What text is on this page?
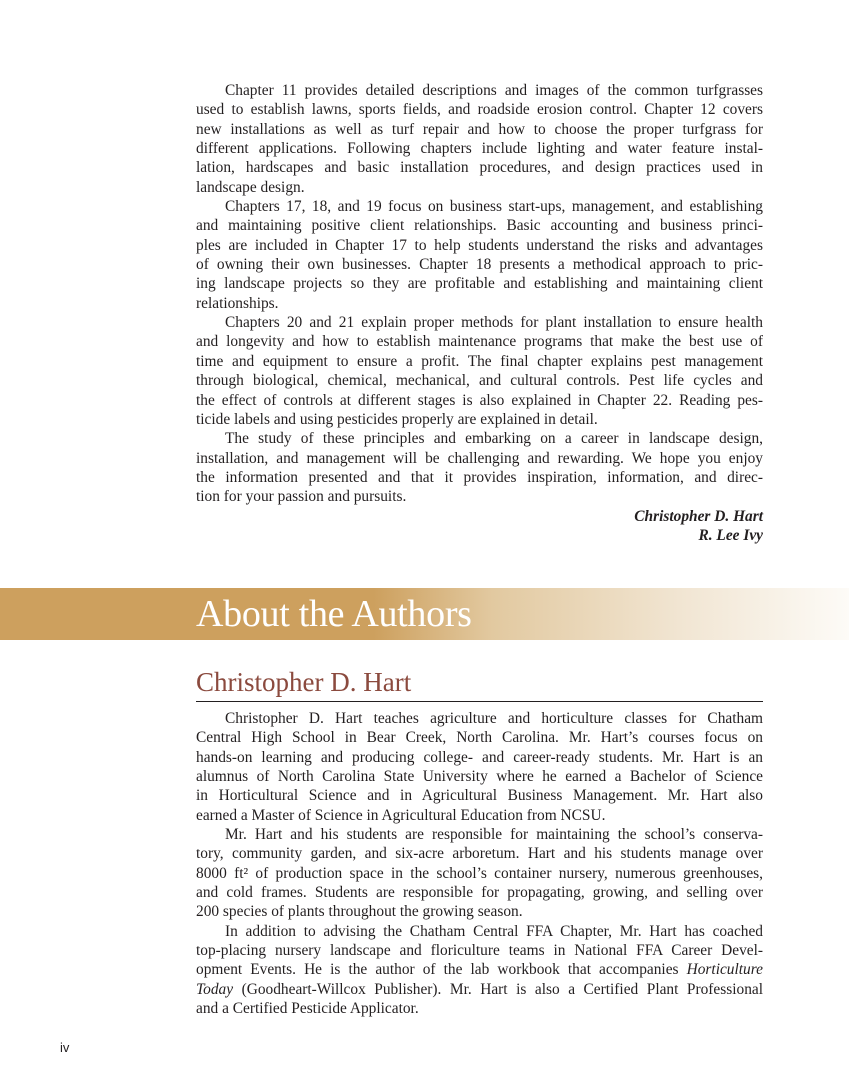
Chapter 11 provides detailed descriptions and images of the common turfgrasses
used to establish lawns, sports fields, and roadside erosion control. Chapter 12 covers
new installations as well as turf repair and how to choose the proper turfgrass for
different applications. Following chapters include lighting and water feature instal-
lation, hardscapes and basic installation procedures, and design practices used in
landscape design.
Chapters 17, 18, and 19 focus on business start-ups, management, and establishing
and maintaining positive client relationships. Basic accounting and business princi-
ples are included in Chapter 17 to help students understand the risks and advantages
of owning their own businesses. Chapter 18 presents a methodical approach to pric-
ing landscape projects so they are profitable and establishing and maintaining client
relationships.
Chapters 20 and 21 explain proper methods for plant installation to ensure health
and longevity and how to establish maintenance programs that make the best use of
time and equipment to ensure a profit. The final chapter explains pest management
through biological, chemical, mechanical, and cultural controls. Pest life cycles and
the effect of controls at different stages is also explained in Chapter 22. Reading pes-
ticide labels and using pesticides properly are explained in detail.
The study of these principles and embarking on a career in landscape design,
installation, and management will be challenging and rewarding. We hope you enjoy
the information presented and that it provides inspiration, information, and direc-
tion for your passion and pursuits.
Christopher D. Hart
R. Lee Ivy
About the Authors
Christopher D. Hart
Christopher D. Hart teaches agriculture and horticulture classes for Chatham
Central High School in Bear Creek, North Carolina. Mr. Hart’s courses focus on
hands-on learning and producing college- and career-ready students. Mr. Hart is an
alumnus of North Carolina State University where he earned a Bachelor of Science
in Horticultural Science and in Agricultural Business Management. Mr. Hart also
earned a Master of Science in Agricultural Education from NCSU.
Mr. Hart and his students are responsible for maintaining the school’s conserva-
tory, community garden, and six-acre arboretum. Hart and his students manage over
8000 ft² of production space in the school’s container nursery, numerous greenhouses,
and cold frames. Students are responsible for propagating, growing, and selling over
200 species of plants throughout the growing season.
In addition to advising the Chatham Central FFA Chapter, Mr. Hart has coached
top-placing nursery landscape and floriculture teams in National FFA Career Devel-
opment Events. He is the author of the lab workbook that accompanies Horticulture
Today (Goodheart-Willcox Publisher). Mr. Hart is also a Certified Plant Professional
and a Certified Pesticide Applicator.
iv
